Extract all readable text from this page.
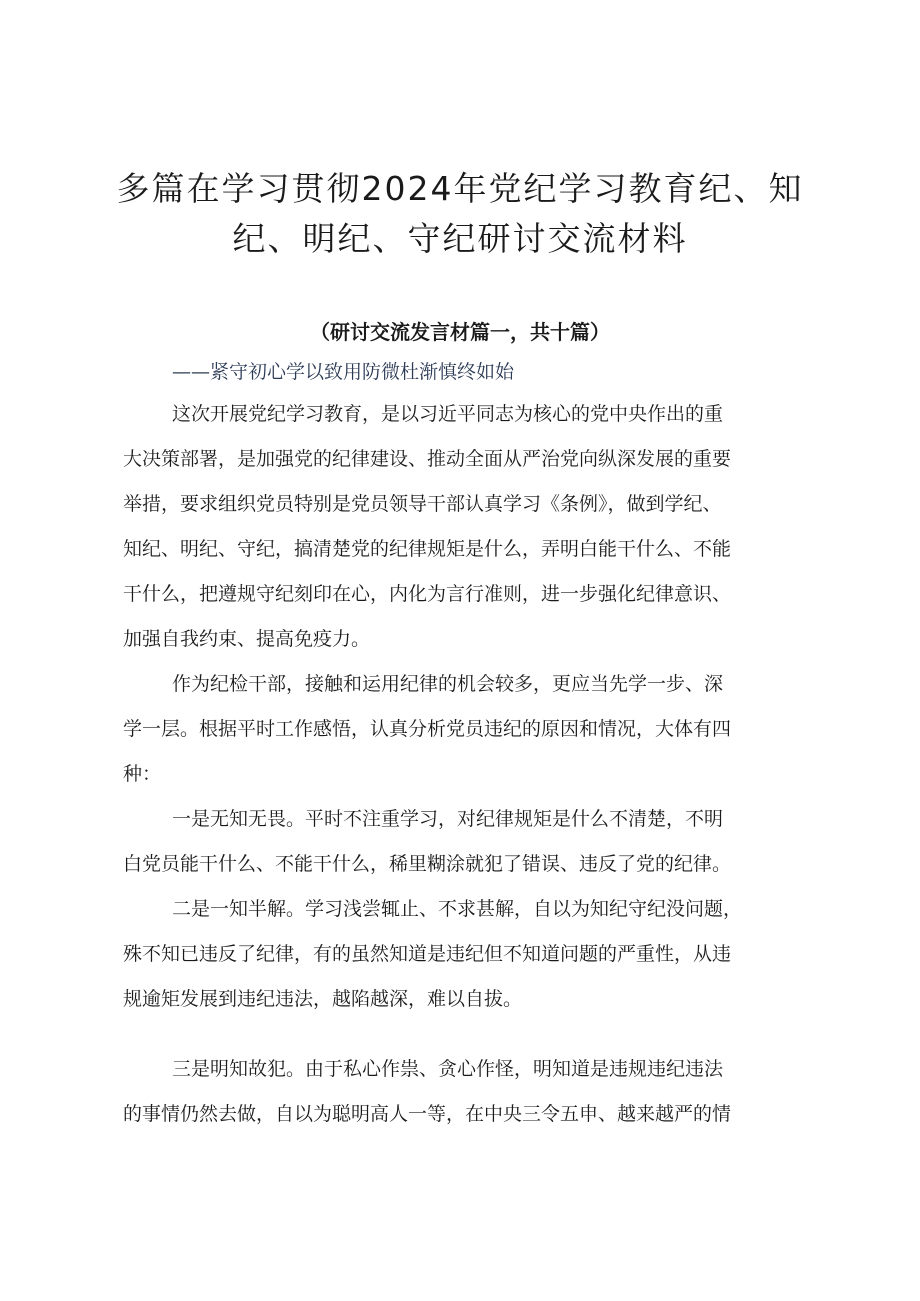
多篇在学习贯彻2024年党纪学习教育纪、知
纪、明纪、守纪研讨交流材料
（研讨交流发言材篇一，共十篇）
——紧守初心学以致用防微杜渐慎终如始
这次开展党纪学习教育，是以习近平同志为核心的党中央作出的重
大决策部署，是加强党的纪律建设、推动全面从严治党向纵深发展的重要
举措，要求组织党员特别是党员领导干部认真学习《条例》，做到学纪、
知纪、明纪、守纪，搞清楚党的纪律规矩是什么，弄明白能干什么、不能
干什么，把遵规守纪刻印在心，内化为言行准则，进一步强化纪律意识、
加强自我约束、提高免疫力。
作为纪检干部，接触和运用纪律的机会较多，更应当先学一步、深
学一层。根据平时工作感悟，认真分析党员违纪的原因和情况，大体有四
种：
一是无知无畏。平时不注重学习，对纪律规矩是什么不清楚，不明
白党员能干什么、不能干什么，稀里糊涂就犯了错误、违反了党的纪律。
二是一知半解。学习浅尝辄止、不求甚解，自以为知纪守纪没问题，
殊不知已违反了纪律，有的虽然知道是违纪但不知道问题的严重性，从违
规逾矩发展到违纪违法，越陷越深，难以自拔。
三是明知故犯。由于私心作祟、贪心作怪，明知道是违规违纪违法
的事情仍然去做，自以为聪明高人一等，在中央三令五申、越来越严的情
